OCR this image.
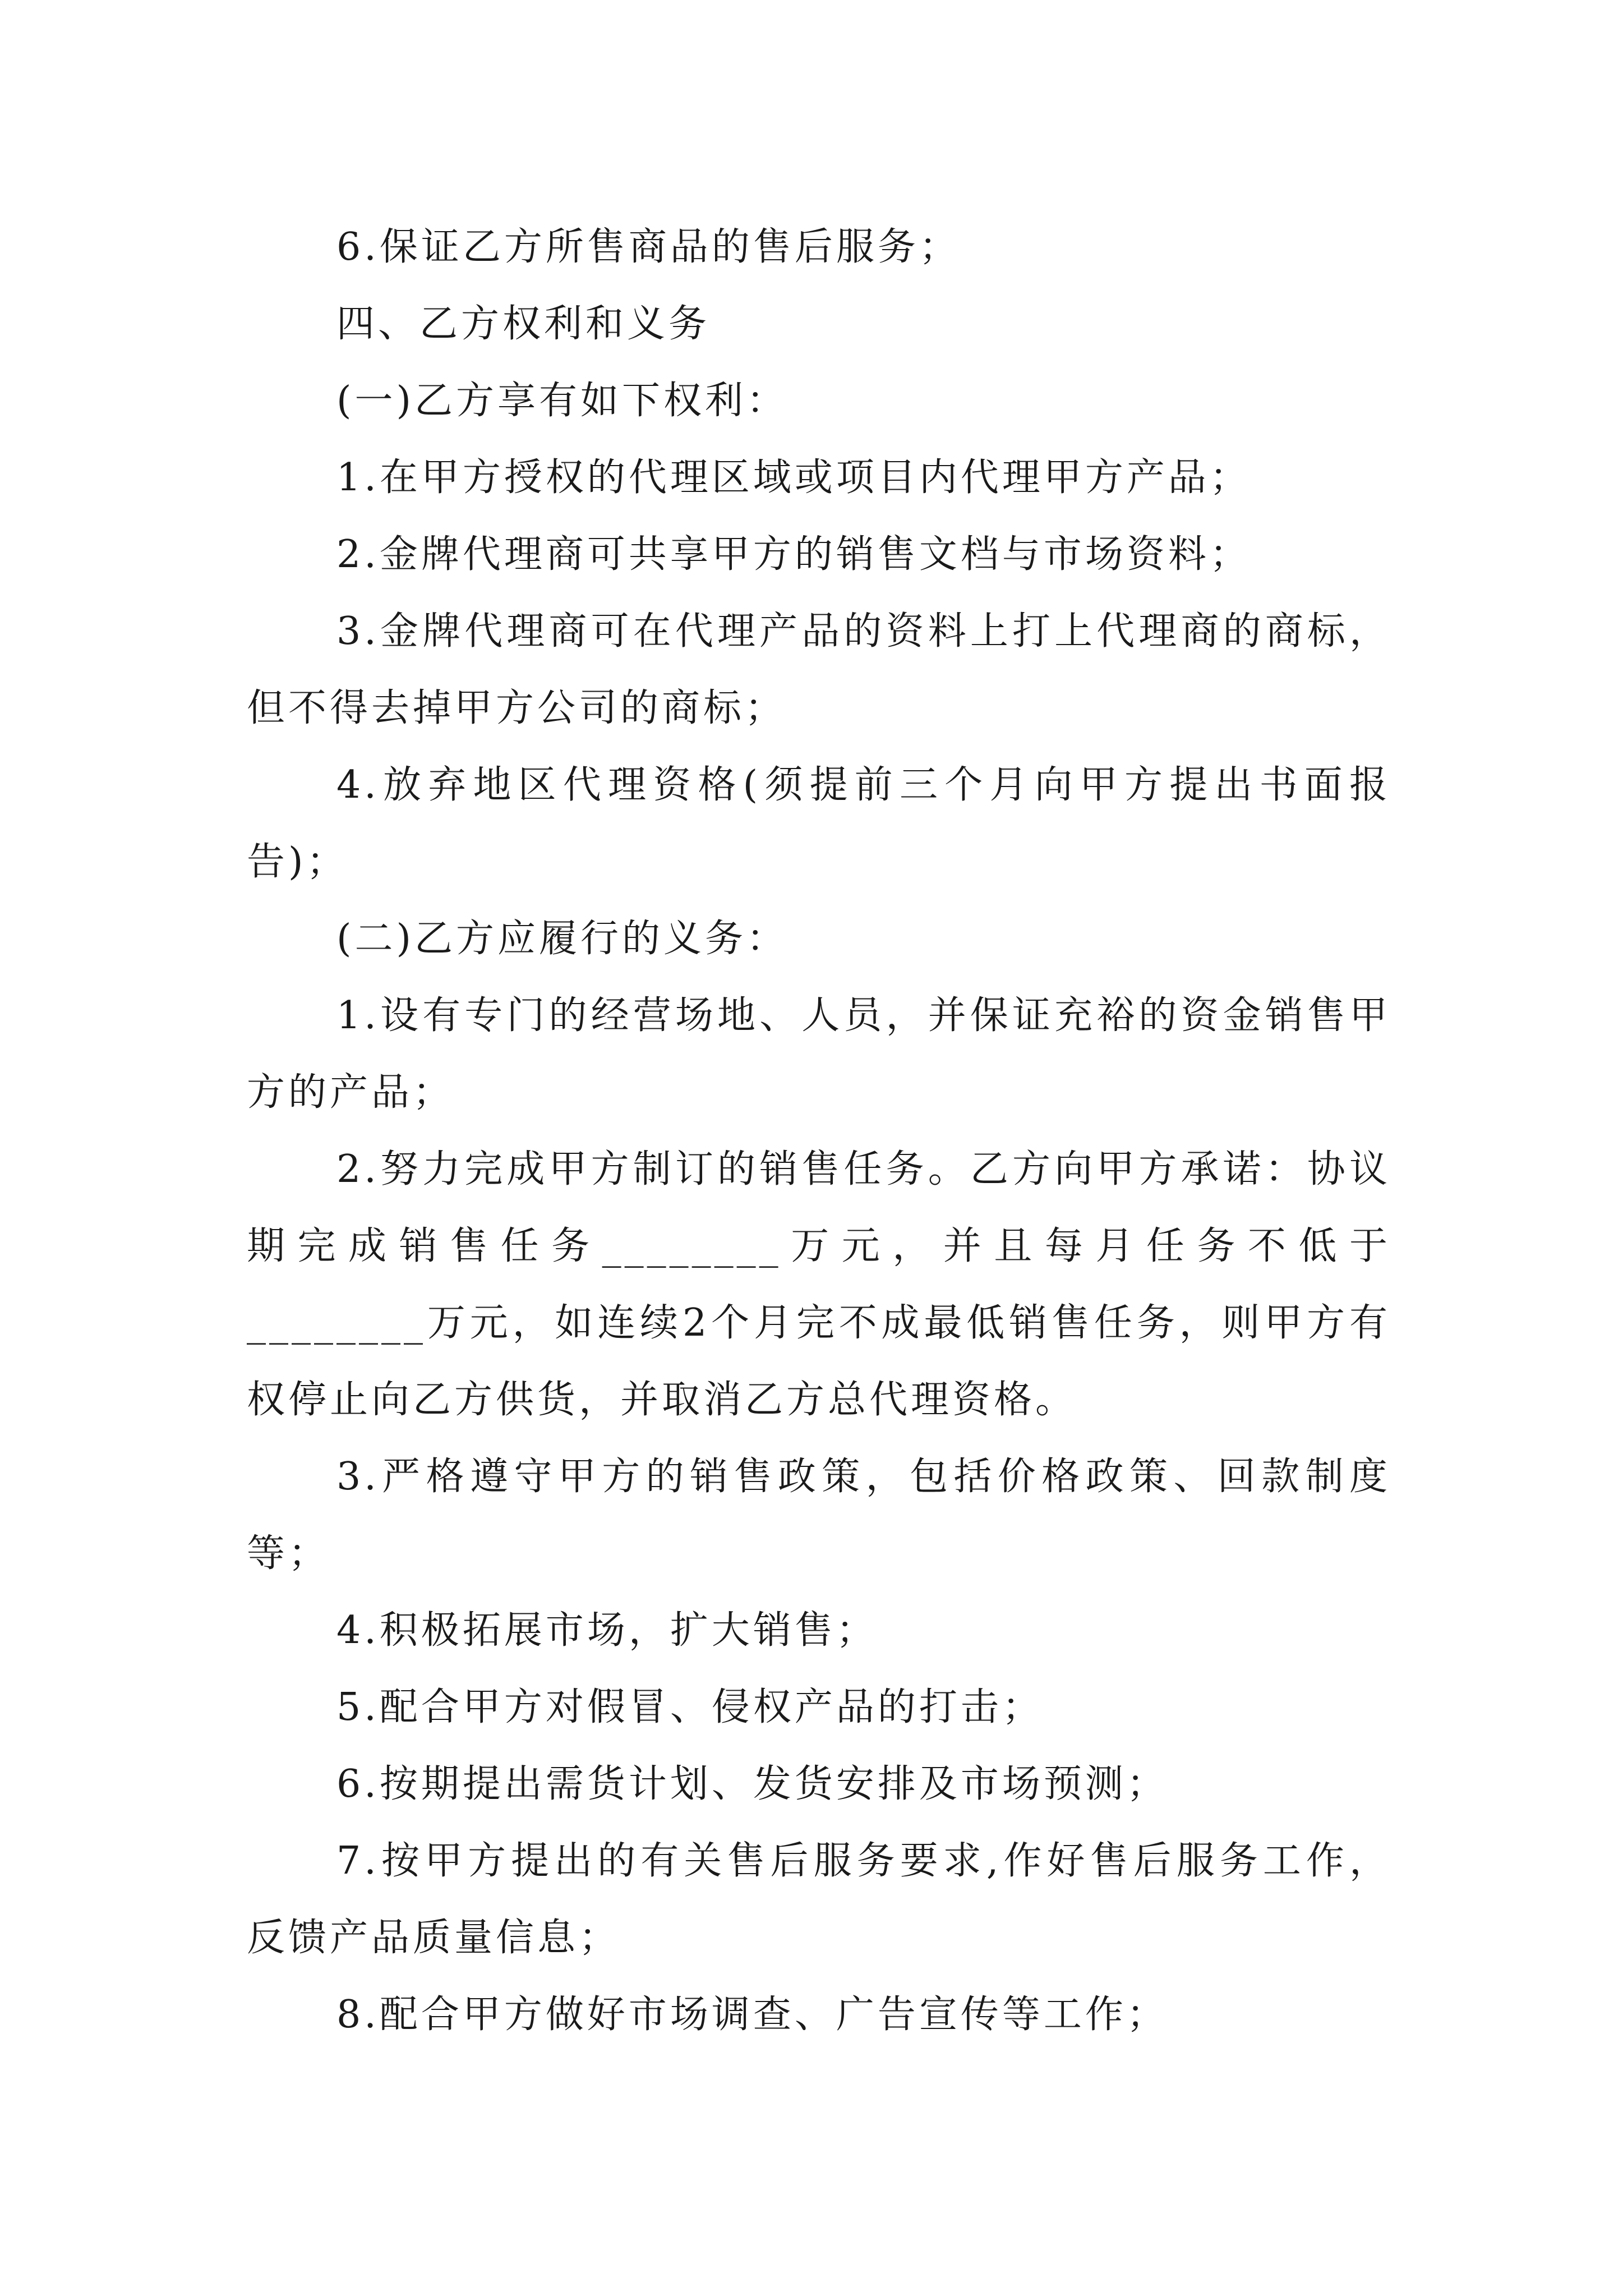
6.保证乙方所售商品的售后服务；

四、乙方权利和义务

(一)乙方享有如下权利：

1.在甲方授权的代理区域或项目内代理甲方产品；

2.金牌代理商可共享甲方的销售文档与市场资料；

3.金牌代理商可在代理产品的资料上打上代理商的商标，但不得去掉甲方公司的商标；

4.放弃地区代理资格(须提前三个月向甲方提出书面报告)；

(二)乙方应履行的义务：

1.设有专门的经营场地、人员，并保证充裕的资金销售甲方的产品；

2.努力完成甲方制订的销售任务。乙方向甲方承诺：协议期完成销售任务________万元，并且每月任务不低于________万元，如连续2个月完不成最低销售任务，则甲方有权停止向乙方供货，并取消乙方总代理资格。

3.严格遵守甲方的销售政策，包括价格政策、回款制度等；

4.积极拓展市场，扩大销售；

5.配合甲方对假冒、侵权产品的打击；

6.按期提出需货计划、发货安排及市场预测；

7.按甲方提出的有关售后服务要求,作好售后服务工作，反馈产品质量信息；

8.配合甲方做好市场调查、广告宣传等工作；
